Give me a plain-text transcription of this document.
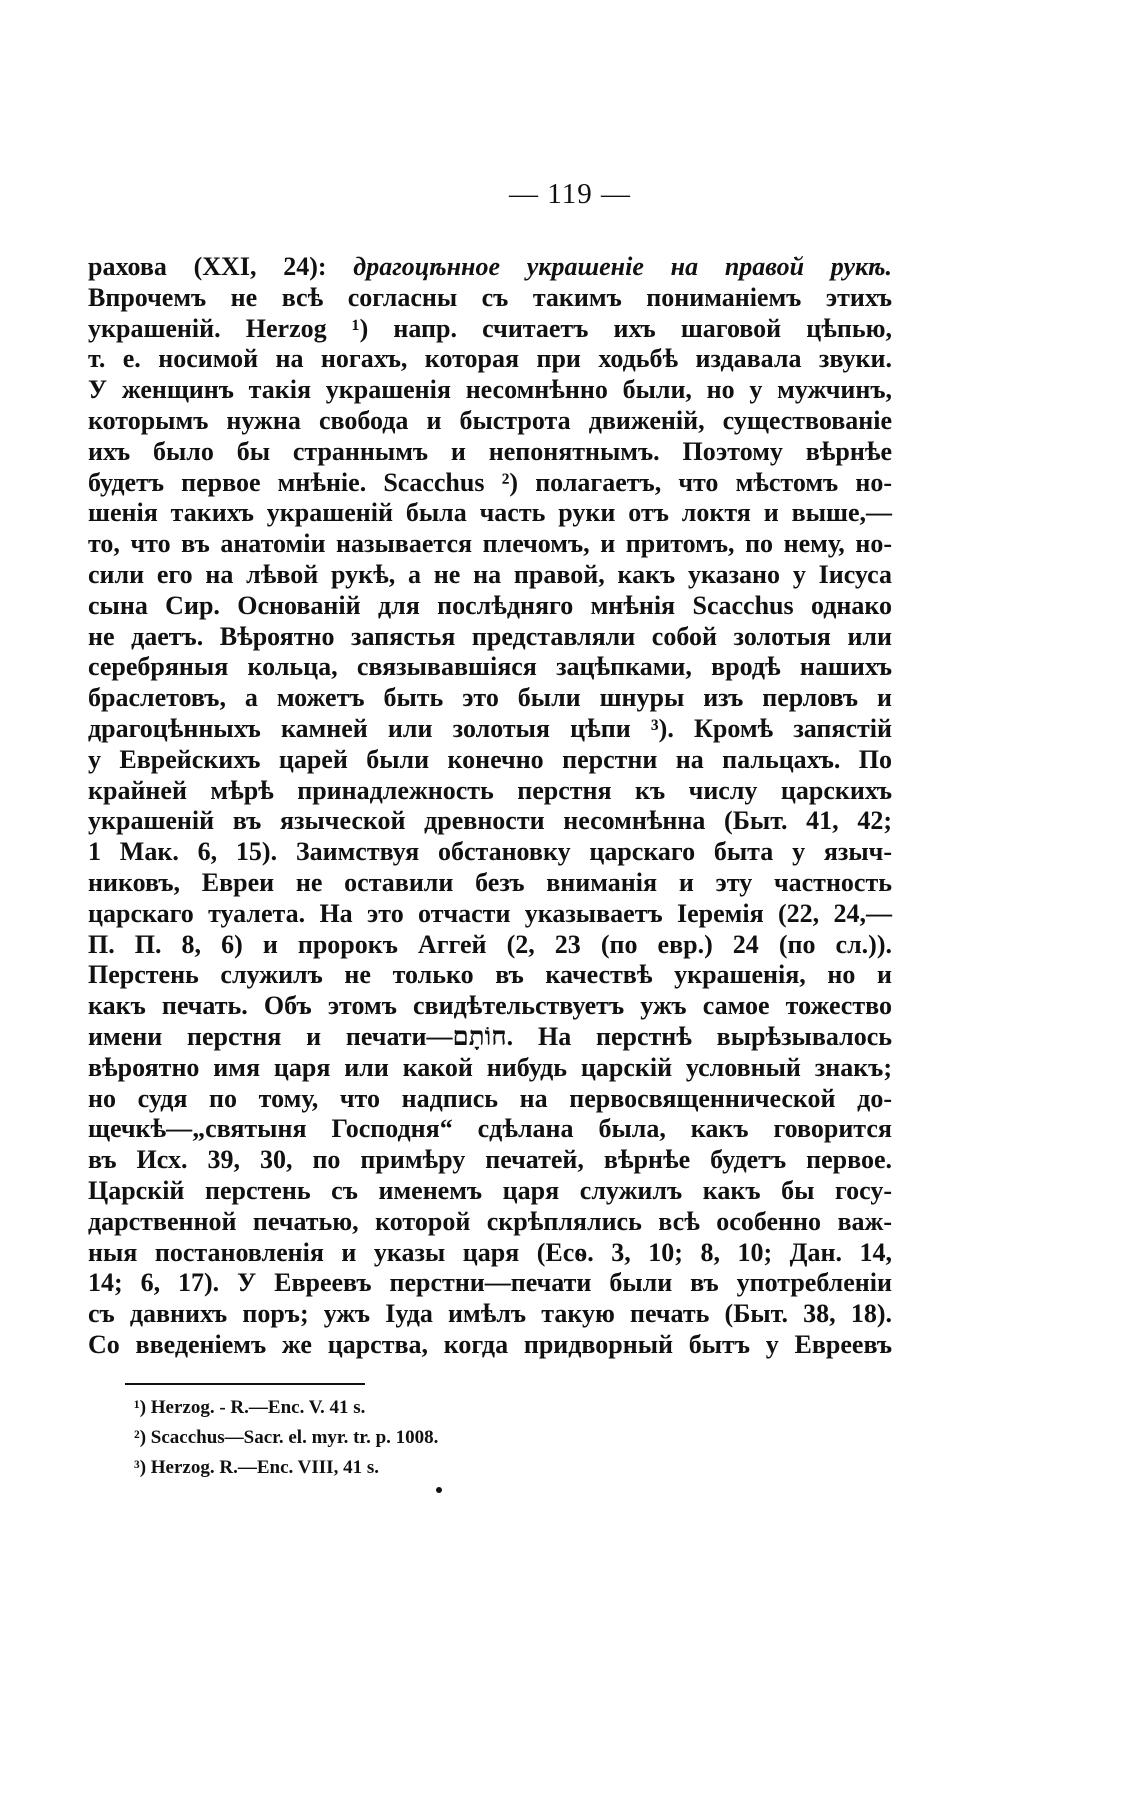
— 119 —
рахова (XXI, 24): драгоцѣнное украшеніе на правой рукѣ.
Впрочемъ не всѣ согласны съ такимъ пониманіемъ этихъ
украшеній. Herzog ¹) напр. считаетъ ихъ шаговой цѣпью,
т. е. носимой на ногахъ, которая при ходьбѣ издавала звуки.
У женщинъ такія украшенія несомнѣнно были, но у мужчинъ,
которымъ нужна свобода и быстрота движеній, существованіе
ихъ было бы страннымъ и непонятнымъ. Поэтому вѣрнѣе
будетъ первое мнѣніе. Scacchus ²) полагаетъ, что мѣстомъ но-
шенія такихъ украшеній была часть руки отъ локтя и выше,—
то, что въ анатоміи называется плечомъ, и притомъ, по нему, но-
сили его на лѣвой рукѣ, а не на правой, какъ указано у Іисуса
сына Сир. Основаній для послѣдняго мнѣнія Scacchus однако
не даетъ. Вѣроятно запястья представляли собой золотыя или
серебряныя кольца, связывавшіяся зацѣпками, вродѣ нашихъ
браслетовъ, а можетъ быть это были шнуры изъ перловъ и
драгоцѣнныхъ камней или золотыя цѣпи ³). Кромѣ запястій
у Еврейскихъ царей были конечно перстни на пальцахъ. По
крайней мѣрѣ принадлежность перстня къ числу царскихъ
украшеній въ языческой древности несомнѣнна (Быт. 41, 42;
1 Мак. 6, 15). Заимствуя обстановку царскаго быта у языч-
никовъ, Евреи не оставили безъ вниманія и эту частность
царскаго туалета. На это отчасти указываетъ Іеремія (22, 24,—
П. П. 8, 6) и пророкъ Аггей (2, 23 (по евр.) 24 (по сл.)).
Перстень служилъ не только въ качествѣ украшенія, но и
какъ печать. Объ этомъ свидѣтельствуетъ ужъ самое тожество
имени перстня и печати—חוֹתָם. На перстнѣ вырѣзывалось
вѣроятно имя царя или какой нибудь царскій условный знакъ;
но судя по тому, что надпись на первосвященнической до-
щечкѣ—„святыня Господня“ сдѣлана была, какъ говорится
въ Исх. 39, 30, по примѣру печатей, вѣрнѣе будетъ первое.
Царскій перстень съ именемъ царя служилъ какъ бы госу-
дарственной печатью, которой скрѣплялись всѣ особенно важ-
ныя постановленія и указы царя (Есѳ. 3, 10; 8, 10; Дан. 14,
14; 6, 17). У Евреевъ перстни—печати были въ употребленіи
съ давнихъ поръ; ужъ Іуда имѣлъ такую печать (Быт. 38, 18).
Со введеніемъ же царства, когда придворный бытъ у Евреевъ
¹) Herzog. - R.—Enc. V. 41 s.
²) Scacchus—Sacr. el. myr. tr. p. 1008.
³) Herzog. R.—Enc. VIII, 41 s.
